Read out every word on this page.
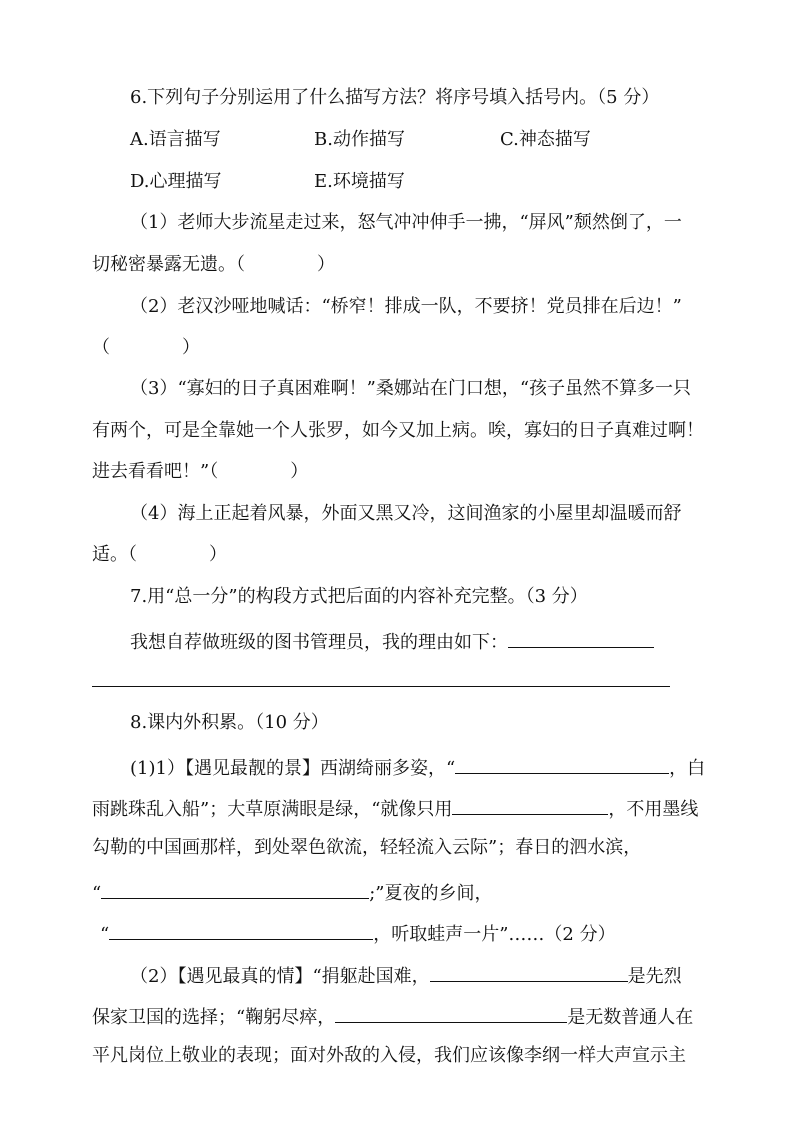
6.下列句子分别运用了什么描写方法？将序号填入括号内。（5 分）
A.语言描写	B.动作描写	C.神态描写
D.心理描写	E.环境描写
（1）老师大步流星走过来，怒气冲冲伸手一拂，“屏风”颓然倒了，一
切秘密暴露无遗。（　　　　）
（2）老汉沙哑地喊话：“桥窄！排成一队，不要挤！党员排在后边！”
（　　　　）
（3）“寡妇的日子真困难啊！”桑娜站在门口想，“孩子虽然不算多一只
有两个，可是全靠她一个人张罗，如今又加上病。唉，寡妇的日子真难过啊！
进去看看吧！”（　　　　）
（4）海上正起着风暴，外面又黑又冷，这间渔家的小屋里却温暖而舒
适。（　　　　）
7.用“总一分”的构段方式把后面的内容补充完整。（3 分）
我想自荐做班级的图书管理员，我的理由如下：
8.课内外积累。（10 分）
(1)1）【遇见最靓的景】西湖绮丽多姿，“	，白
雨跳珠乱入船”；大草原满眼是绿，“就像只用	，不用墨线
勾勒的中国画那样，到处翠色欲流，轻轻流入云际”；春日的泗水滨，
“	;”夏夜的乡间，
“	，听取蛙声一片”……（2 分）
（2）【遇见最真的情】“捐躯赴国难，	是先烈
保家卫国的选择；“鞠躬尽瘁，	是无数普通人在
平凡岗位上敬业的表现；面对外敌的入侵，我们应该像李纲一样大声宣示主
